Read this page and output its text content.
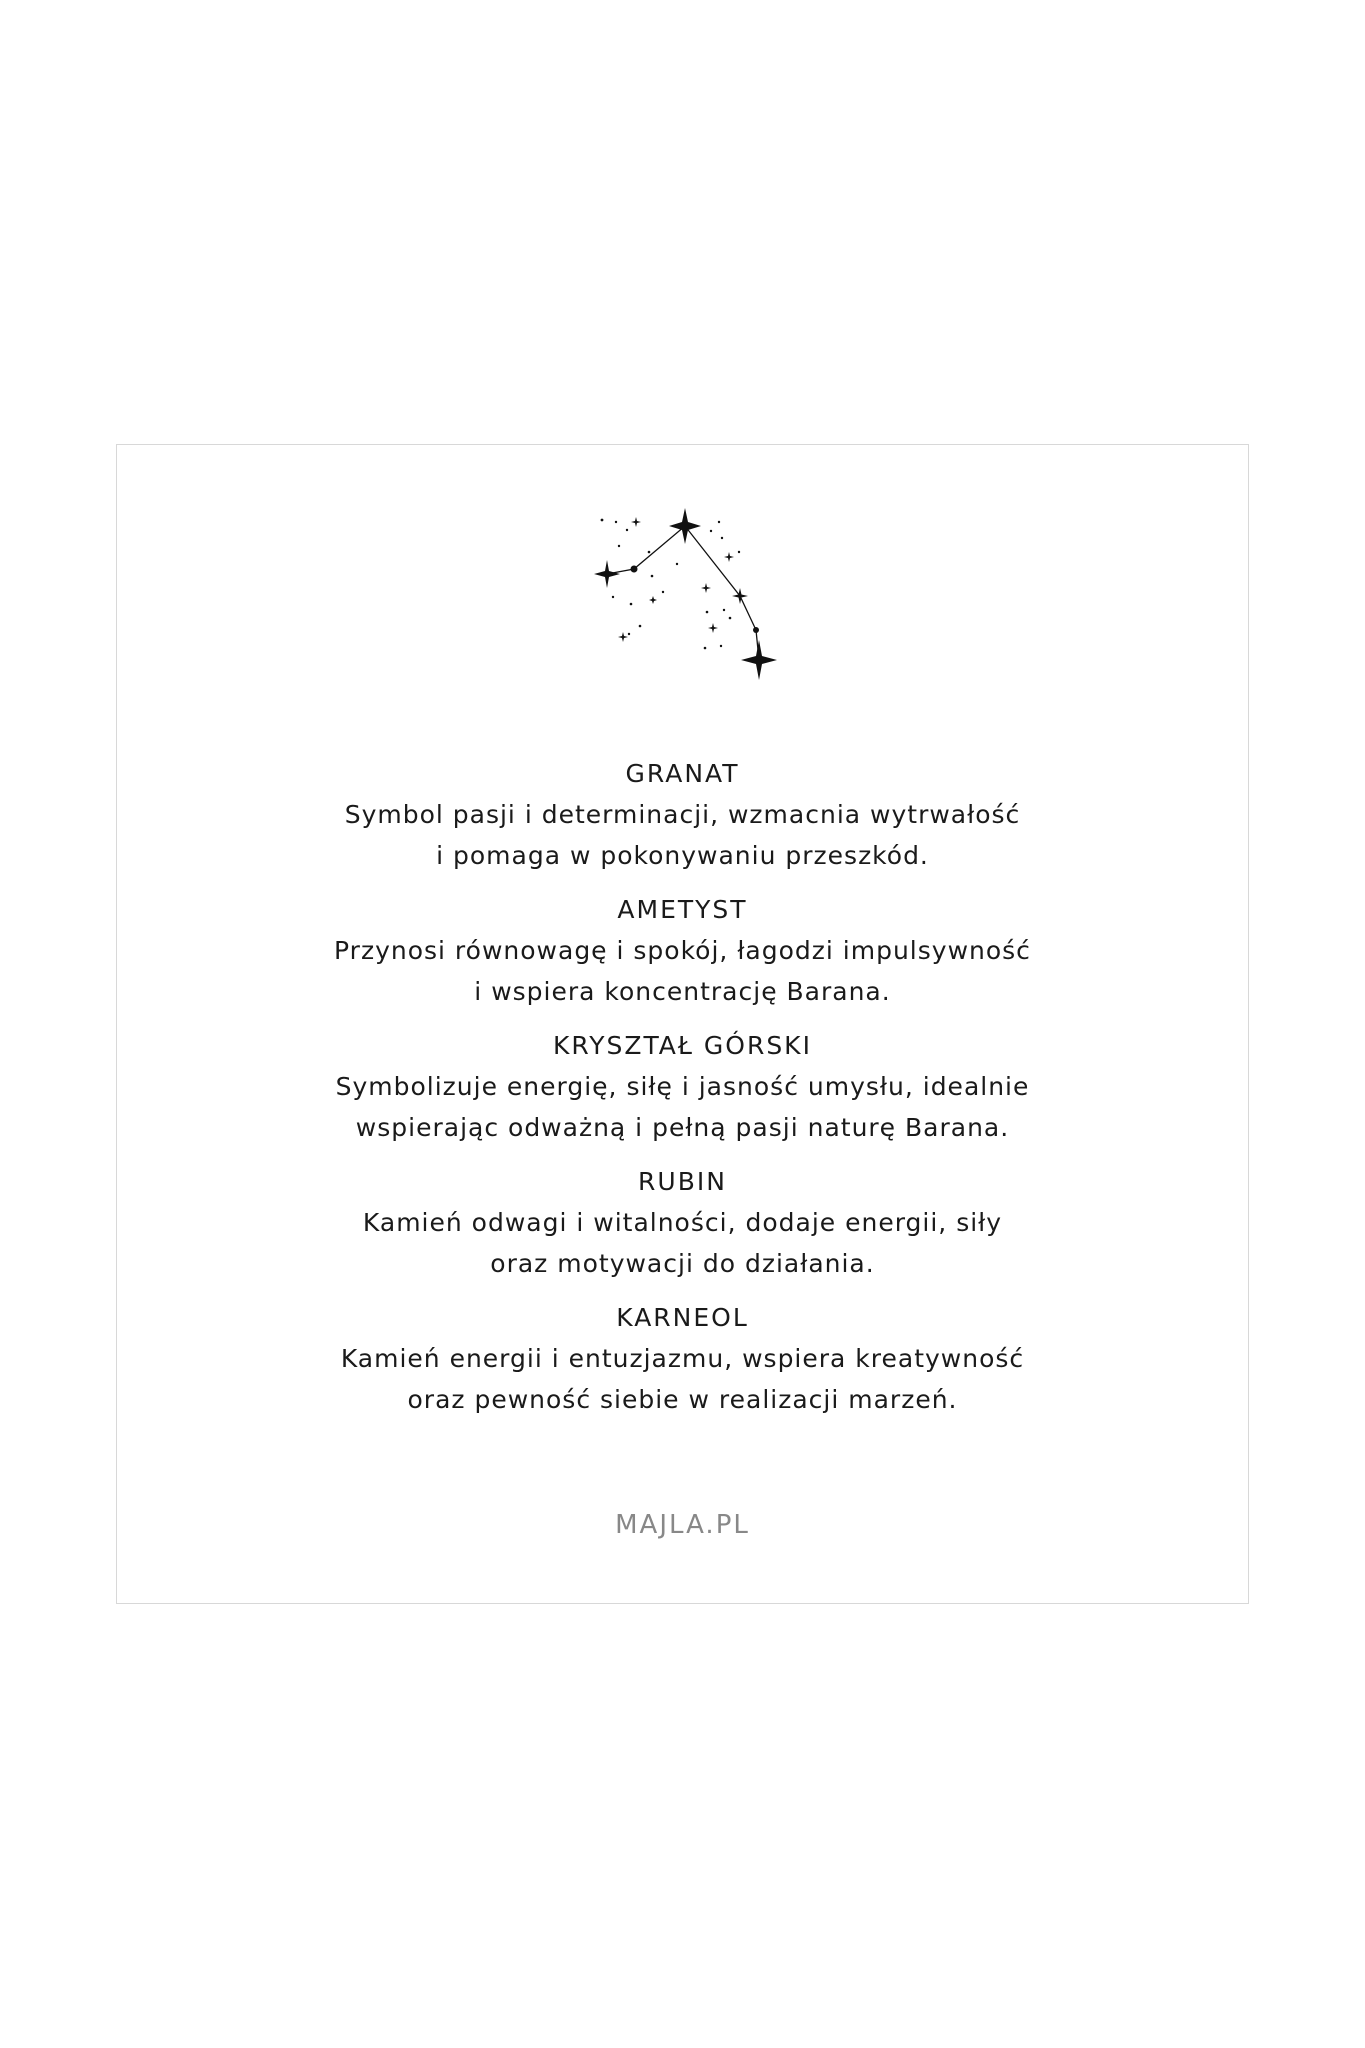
GRANAT

Symbol pasji i determinacji, wzmacnia wytrwałość

i pomaga w pokonywaniu przeszkód.

AMETYST

Przynosi równowagę i spokój, łagodzi impulsywność

i wspiera koncentrację Barana.

KRYSZTAŁ GÓRSKI

Symbolizuje energię, siłę i jasność umysłu, idealnie

wspierając odważną i pełną pasji naturę Barana.

RUBIN

Kamień odwagi i witalności, dodaje energii, siły

oraz motywacji do działania.

KARNEOL

Kamień energii i entuzjazmu, wspiera kreatywność

oraz pewność siebie w realizacji marzeń.

MAJLA.PL
